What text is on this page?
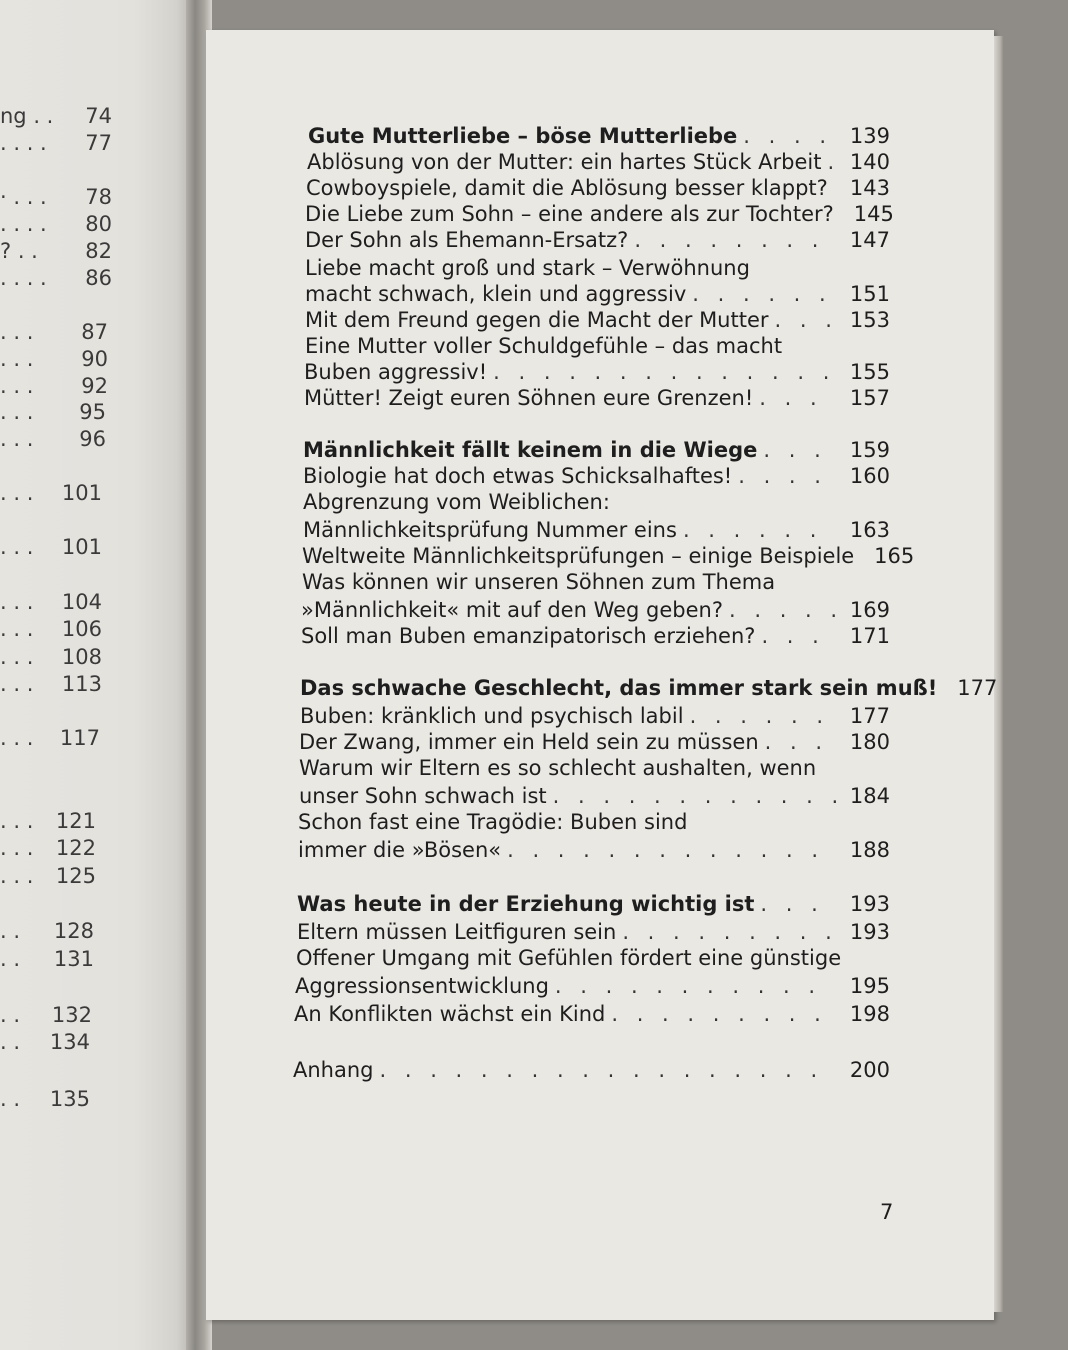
ng . . 74
. . . . 77
· . . . 78
. . . . 80
? . . 82
. . . . 86
. . . 87
. . . 90
. . . 92
. . . 95
. . . 96
. . . 101
. . . 101
. . . 104
. . . 106
. . . 108
. . . 113
. . . 117
. . . 121
. . . 122
. . . 125
. . 128
. . 131
. . 132
. . 134
. . 135
Gute Mutterliebe – böse Mutterliebe . . .	139
Ablösung von der Mutter: ein hartes Stück Arbeit . . . 140
Cowboyspiele, damit die Ablösung besser klappt? . . . 143
Die Liebe zum Sohn – eine andere als zur Tochter? 145
Der Sohn als Ehemann-Ersatz? . . .	147
Liebe macht groß und stark – Verwöhnung
macht schwach, klein und aggressiv . . .	151
Mit dem Freund gegen die Macht der Mutter . . .	153
Eine Mutter voller Schuldgefühle – das macht
Buben aggressiv! . . .	155
Mütter! Zeigt euren Söhnen eure Grenzen! . . .	157
Männlichkeit fällt keinem in die Wiege . . .	159
Biologie hat doch etwas Schicksalhaftes! . . .	160
Abgrenzung vom Weiblichen:
Männlichkeitsprüfung Nummer eins . . .	163
Weltweite Männlichkeitsprüfungen – einige Beispiele 165
Was können wir unseren Söhnen zum Thema
»Männlichkeit« mit auf den Weg geben? . . .	169
Soll man Buben emanzipatorisch erziehen? . . .	171
Das schwache Geschlecht, das immer stark sein muß! 177
Buben: kränklich und psychisch labil . . .	177
Der Zwang, immer ein Held sein zu müssen . . .	180
Warum wir Eltern es so schlecht aushalten, wenn
unser Sohn schwach ist . . .	184
Schon fast eine Tragödie: Buben sind
immer die »Bösen« . . .	188
Was heute in der Erziehung wichtig ist . . .	193
Eltern müssen Leitfiguren sein . . .	193
Offener Umgang mit Gefühlen fördert eine günstige
Aggressionsentwicklung . . .	195
An Konflikten wächst ein Kind . . .	198
Anhang . . .	200
7
